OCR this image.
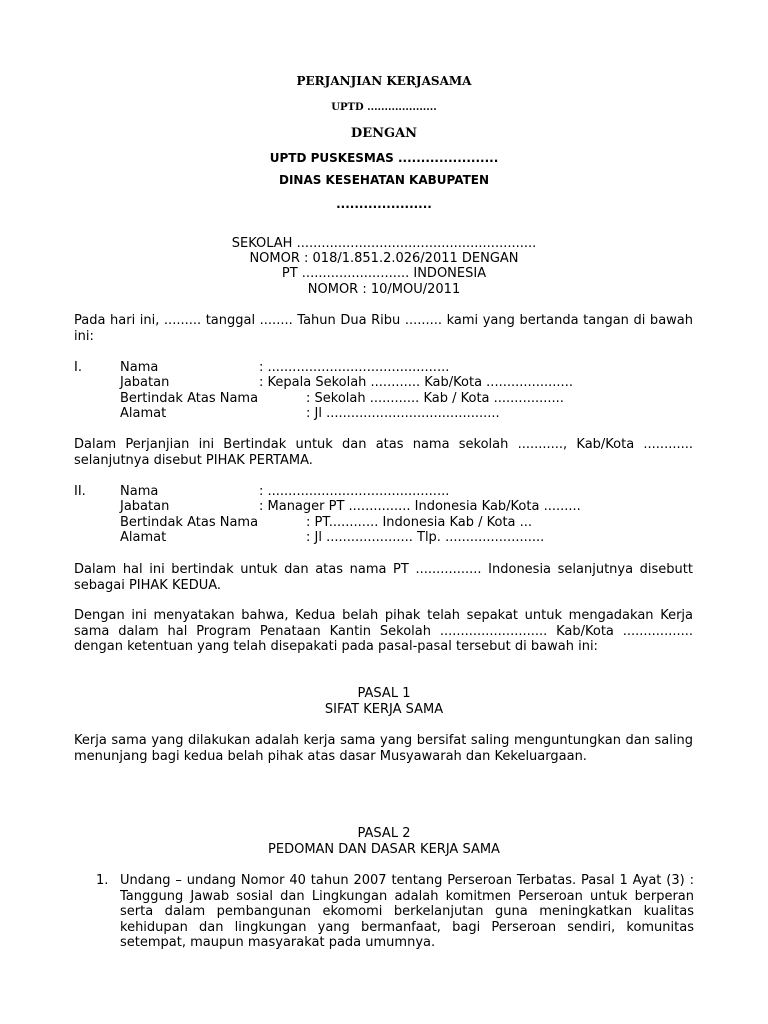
PERJANJIAN KERJASAMA
UPTD ....................
DENGAN
UPTD PUSKESMAS ......................
DINAS KESEHATAN KABUPATEN
.....................
SEKOLAH ..........................................................
NOMOR : 018/1.851.2.026/2011 DENGAN
PT .......................... INDONESIA
NOMOR : 10/MOU/2011
Pada hari ini, ......... tanggal ........ Tahun Dua Ribu ......... kami yang bertanda tangan di bawah ini:
I.	Nama	: ............................................
Jabatan	: Kepala Sekolah ............ Kab/Kota .....................
Bertindak Atas Nama	: Sekolah ............ Kab / Kota .................
Alamat	: Jl ..........................................
Dalam Perjanjian ini Bertindak untuk dan atas nama sekolah ..........., Kab/Kota ............ selanjutnya disebut PIHAK PERTAMA.
II.	Nama	: ............................................
Jabatan	: Manager PT ............... Indonesia Kab/Kota .........
Bertindak Atas Nama	: PT............ Indonesia Kab / Kota ...
Alamat	: Jl ..................... Tlp. ........................
Dalam hal ini bertindak untuk dan atas nama PT ................ Indonesia selanjutnya disebutt sebagai PIHAK KEDUA.
Dengan ini menyatakan bahwa, Kedua belah pihak telah sepakat untuk mengadakan Kerja sama dalam hal Program Penataan Kantin Sekolah .......................... Kab/Kota ................. dengan ketentuan yang telah disepakati pada pasal-pasal tersebut di bawah ini:
PASAL 1
SIFAT KERJA SAMA
Kerja sama yang dilakukan adalah kerja sama yang bersifat saling menguntungkan dan saling menunjang bagi kedua belah pihak atas dasar Musyawarah dan Kekeluargaan.
PASAL 2
PEDOMAN DAN DASAR KERJA SAMA
1. Undang – undang Nomor 40 tahun 2007 tentang Perseroan Terbatas. Pasal 1 Ayat (3) : Tanggung Jawab sosial dan Lingkungan adalah komitmen Perseroan untuk berperan serta dalam pembangunan ekomomi berkelanjutan guna meningkatkan kualitas kehidupan dan lingkungan yang bermanfaat, bagi Perseroan sendiri, komunitas setempat, maupun masyarakat pada umumnya.
